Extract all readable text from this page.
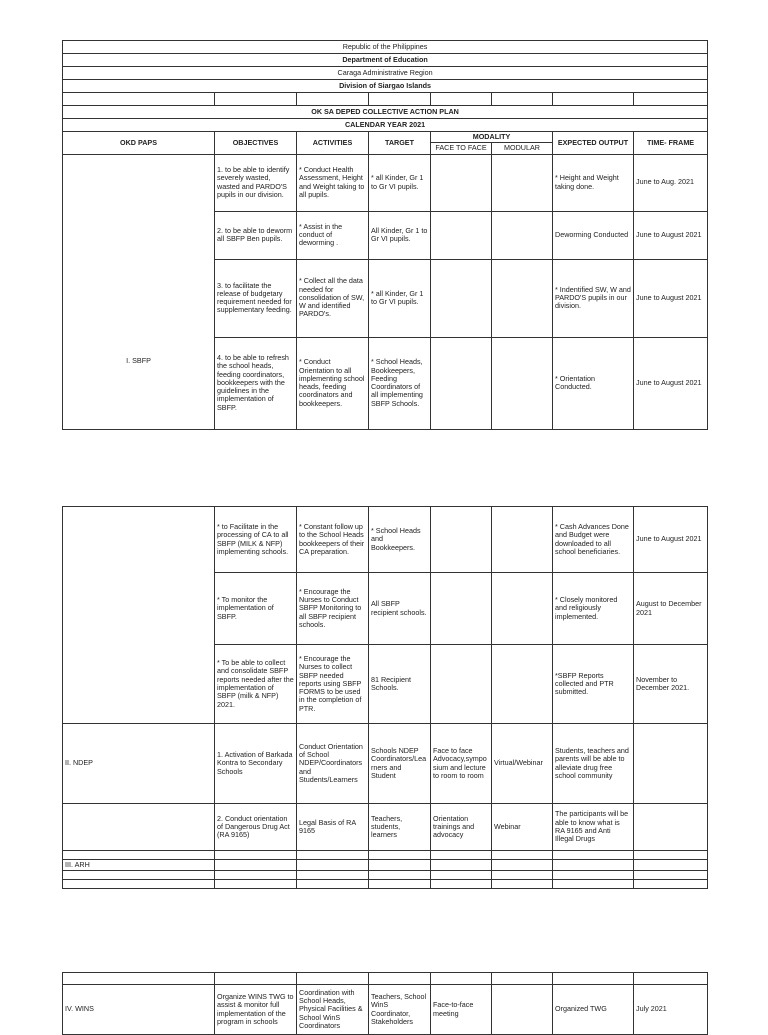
Republic of the Philippines							
Department of Education							
Caraga Administrative Region							
Division of Siargao Islands							

OK SA DEPED COLLECTIVE ACTION PLAN							
CALENDAR YEAR 2021							
OKD PAPS	OBJECTIVES	ACTIVITIES	TARGET	MODALITY		EXPECTED OUTPUT	TIME- FRAME
				FACE TO FACE	MODULAR		
I. SBFP	1. to be able to identify severely wasted, wasted and PARDO'S pupils in our division.	* Conduct Health Assessment, Height and Weight taking to all pupils.	* all Kinder, Gr 1 to Gr VI pupils.			* Height and Weight taking done.	June to Aug. 2021
	2. to be able to deworm all SBFP Ben pupils.	* Assist in the conduct of deworming .	All Kinder, Gr 1 to Gr VI pupils.			Deworming Conducted	June to August 2021
	3. to facilitate the release of budgetary requirement needed for supplementary feeding.	* Collect all the data needed for consolidation of SW, W and identified PARDO's.	* all Kinder, Gr 1 to Gr VI pupils.			* Indentified SW, W and PARDO'S pupils in our division.	June to August 2021
	4. to be able to refresh the school heads, feeding coordinators, bookkeepers with the guidelines in the implementation of SBFP.	* Conduct Orientation to all implementing school heads, feeding coordinators and bookkeepers.	* School Heads, Bookkeepers, Feeding Coordinators of all implementing SBFP Schools.			* Orientation Conducted.	June to August 2021
	* to Facilitate in the processing of CA to all SBFP (MILK & NFP) implementing schools.	* Constant follow up to the School Heads bookkeepers of their CA preparation.	* School Heads and Bookkeepers.			* Cash Advances Done and Budget were downloaded to all school beneficiaries.	June to August 2021
	* To monitor the implementation of SBFP.	* Encourage the Nurses to Conduct SBFP Monitoring to all SBFP recipient schools.	All SBFP recipient schools.			* Closely monitored and religiously implemented.	August to December 2021
	* To be able to collect and consolidate SBFP reports needed after the implementation of SBFP (milk & NFP) 2021.	* Encourage the Nurses to collect SBFP needed reports using SBFP FORMS to be used in the completion of PTR.	81 Recipient Schools.			*SBFP Reports collected and PTR submitted.	November to December 2021.
II. NDEP	1. Activation of Barkada Kontra to Secondary Schools	Conduct Orientation of School NDEP/Coordinators and Students/Learners	Schools NDEP Coordinators/Learners and Student	Face to face Advocacy,symposium and lecture to room to room	Virtual/Webinar	Students, teachers and parents will be able to alleviate drug free school community	
	2. Conduct orientation of Dangerous Drug Act (RA 9165)	Legal Basis of RA 9165	Teachers, students, learners	Orientation trainings and advocacy	Webinar	The participants will be able to know what is RA 9165 and Anti Illegal Drugs	

III. ARH							

IV. WINS	Organize WINS TWG to assist & monitor full implementation of the program in schools	Coordination with School Heads, Physical Facilities & School WinS Coordinators	Teachers, School WinS Coordinator, Stakeholders	Face-to-face meeting		Organized TWG	July 2021
